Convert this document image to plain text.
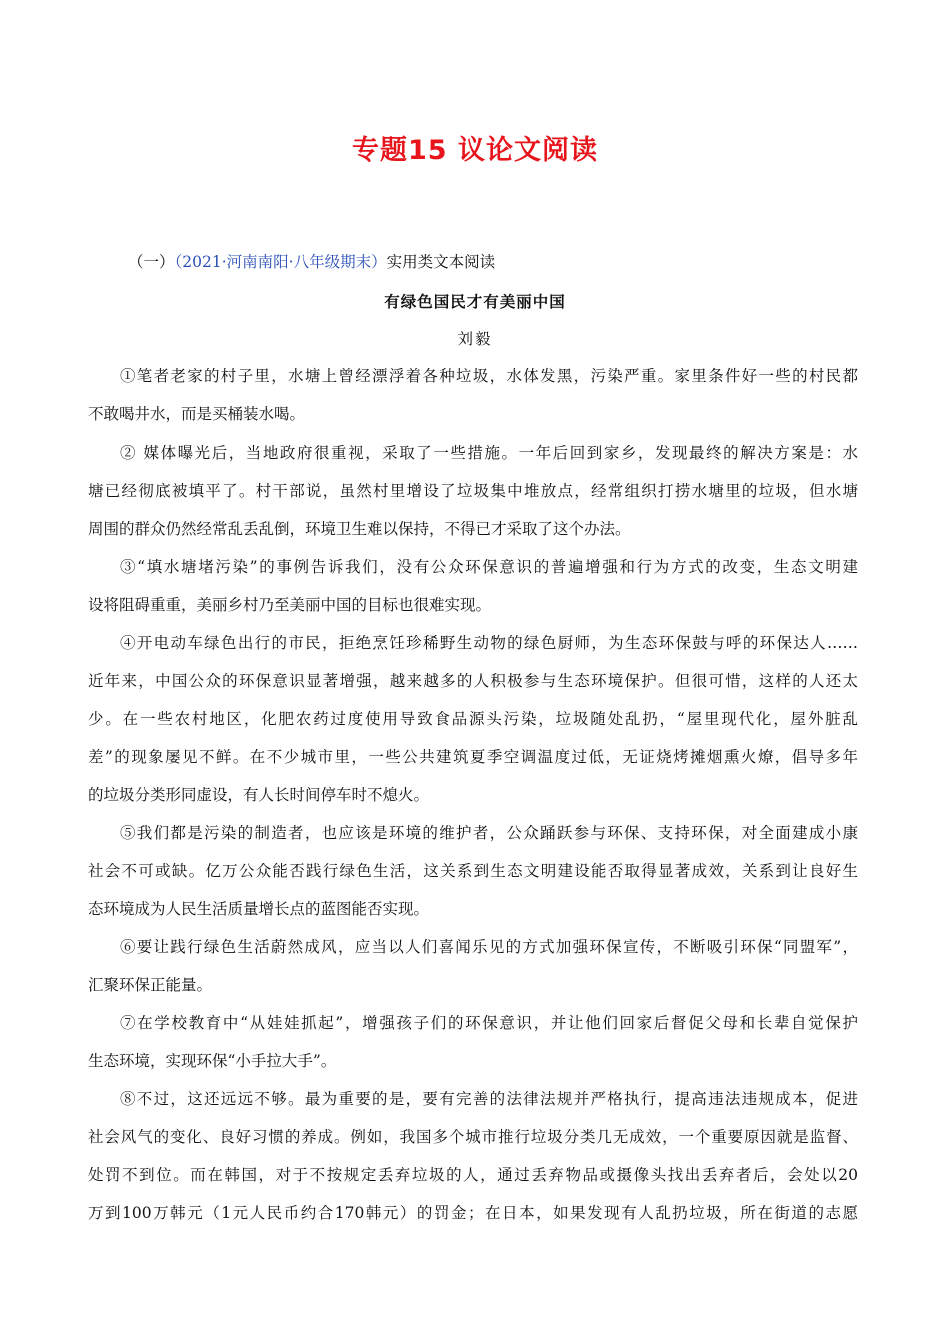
专题15 议论文阅读
（一）（2021·河南南阳·八年级期末）实用类文本阅读
有绿色国民才有美丽中国
刘毅
①笔者老家的村子里，水塘上曾经漂浮着各种垃圾，水体发黑，污染严重。家里条件好一些的村民都
不敢喝井水，而是买桶装水喝。
② 媒体曝光后，当地政府很重视，采取了一些措施。一年后回到家乡，发现最终的解决方案是：水
塘已经彻底被填平了。村干部说，虽然村里增设了垃圾集中堆放点，经常组织打捞水塘里的垃圾，但水塘
周围的群众仍然经常乱丢乱倒，环境卫生难以保持，不得已才采取了这个办法。
③“填水塘堵污染”的事例告诉我们，没有公众环保意识的普遍增强和行为方式的改变，生态文明建
设将阻碍重重，美丽乡村乃至美丽中国的目标也很难实现。
④开电动车绿色出行的市民，拒绝烹饪珍稀野生动物的绿色厨师，为生态环保鼓与呼的环保达人……
近年来，中国公众的环保意识显著增强，越来越多的人积极参与生态环境保护。但很可惜，这样的人还太
少。在一些农村地区，化肥农药过度使用导致食品源头污染，垃圾随处乱扔，“屋里现代化，屋外脏乱
差”的现象屡见不鲜。在不少城市里，一些公共建筑夏季空调温度过低，无证烧烤摊烟熏火燎，倡导多年
的垃圾分类形同虚设，有人长时间停车时不熄火。
⑤我们都是污染的制造者，也应该是环境的维护者，公众踊跃参与环保、支持环保，对全面建成小康
社会不可或缺。亿万公众能否践行绿色生活，这关系到生态文明建设能否取得显著成效，关系到让良好生
态环境成为人民生活质量增长点的蓝图能否实现。
⑥要让践行绿色生活蔚然成风，应当以人们喜闻乐见的方式加强环保宣传，不断吸引环保“同盟军”，
汇聚环保正能量。
⑦在学校教育中“从娃娃抓起”，增强孩子们的环保意识，并让他们回家后督促父母和长辈自觉保护
生态环境，实现环保“小手拉大手”。
⑧不过，这还远远不够。最为重要的是，要有完善的法律法规并严格执行，提高违法违规成本，促进
社会风气的变化、良好习惯的养成。例如，我国多个城市推行垃圾分类几无成效，一个重要原因就是监督、
处罚不到位。而在韩国，对于不按规定丢弃垃圾的人，通过丢弃物品或摄像头找出丢弃者后，会处以20
万到100万韩元（1元人民币约合170韩元）的罚金；在日本，如果发现有人乱扔垃圾，所在街道的志愿
